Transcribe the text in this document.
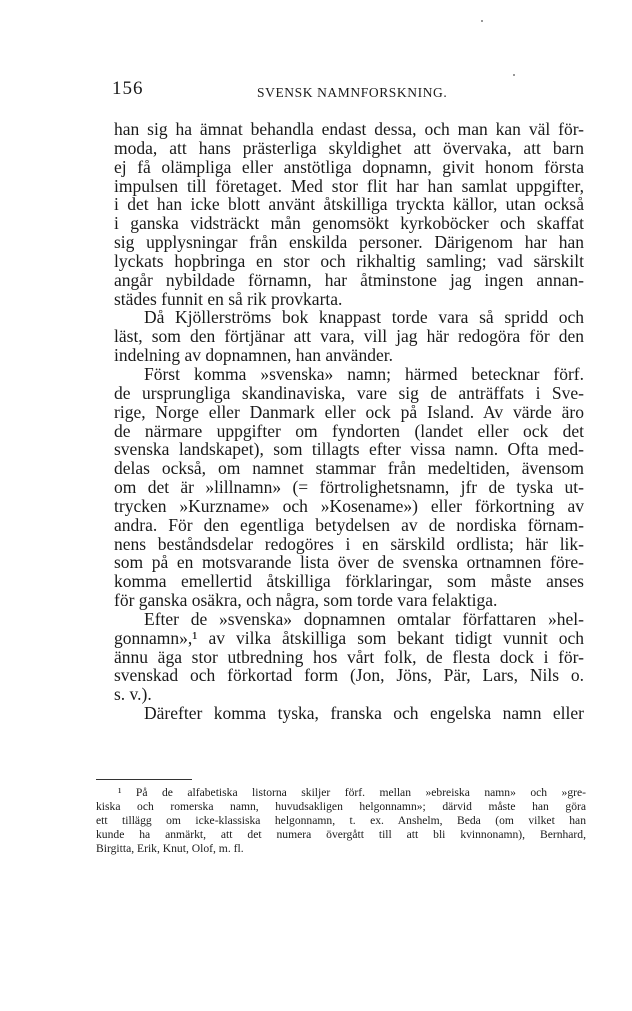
156	SVENSK NAMNFORSKNING.
han sig ha ämnat behandla endast dessa, och man kan väl för-
moda, att hans prästerliga skyldighet att övervaka, att barn
ej få olämpliga eller anstötliga dopnamn, givit honom första
impulsen till företaget. Med stor flit har han samlat uppgifter,
i det han icke blott använt åtskilliga tryckta källor, utan också
i ganska vidsträckt mån genomsökt kyrkoböcker och skaffat
sig upplysningar från enskilda personer. Därigenom har han
lyckats hopbringa en stor och rikhaltig samling; vad särskilt
angår nybildade förnamn, har åtminstone jag ingen annan-
städes funnit en så rik provkarta.
Då Kjöllerströms bok knappast torde vara så spridd och
läst, som den förtjänar att vara, vill jag här redogöra för den
indelning av dopnamnen, han använder.
Först komma »svenska» namn; härmed betecknar förf.
de ursprungliga skandinaviska, vare sig de anträffats i Sve-
rige, Norge eller Danmark eller ock på Island. Av värde äro
de närmare uppgifter om fyndorten (landet eller ock det
svenska landskapet), som tillagts efter vissa namn. Ofta med-
delas också, om namnet stammar från medeltiden, ävensom
om det är »lillnamn» (= förtrolighetsnamn, jfr de tyska ut-
trycken »Kurzname» och »Kosename») eller förkortning av
andra. För den egentliga betydelsen av de nordiska förnam-
nens beståndsdelar redogöres i en särskild ordlista; här lik-
som på en motsvarande lista över de svenska ortnamnen före-
komma emellertid åtskilliga förklaringar, som måste anses
för ganska osäkra, och några, som torde vara felaktiga.
Efter de »svenska» dopnamnen omtalar författaren »hel-
gonnamn»,¹ av vilka åtskilliga som bekant tidigt vunnit och
ännu äga stor utbredning hos vårt folk, de flesta dock i för-
svenskad och förkortad form (Jon, Jöns, Pär, Lars, Nils o.
s. v.).
Därefter komma tyska, franska och engelska namn eller
¹ På de alfabetiska listorna skiljer förf. mellan »ebreiska namn» och »gre-
kiska och romerska namn, huvudsakligen helgonnamn»; därvid måste han göra
ett tillägg om icke-klassiska helgonnamn, t. ex. Anshelm, Beda (om vilket han
kunde ha anmärkt, att det numera övergått till att bli kvinnonamn), Bernhard,
Birgitta, Erik, Knut, Olof, m. fl.
